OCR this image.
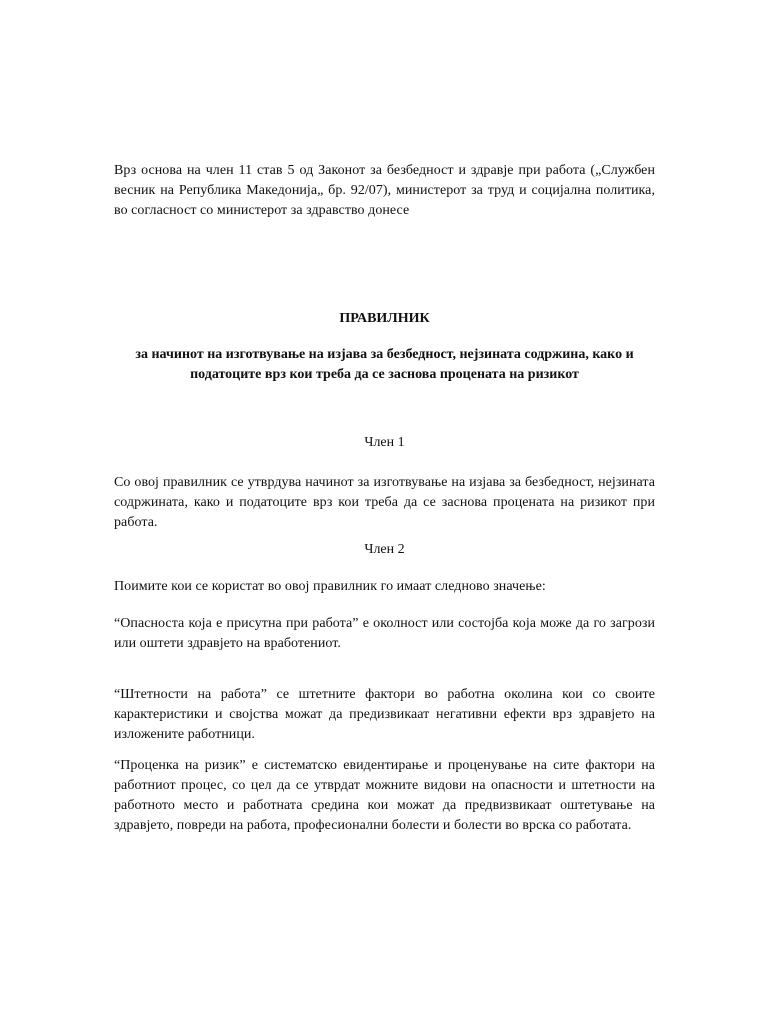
Врз основа на член 11 став 5 од Законот за безбедност и здравје при работа („Службен весник на Република Македонија„ бр. 92/07), министерот за труд и социјална политика, во согласност со министерот за здравство донесе
ПРАВИЛНИК
за начинот на изготвување на изјава за безбедност, нејзината содржина, како и податоците врз кои треба да се заснова процената на ризикот
Член 1
Со овој правилник се утврдува начинот за изготвување на изјава за безбедност, нејзината содржината, како и податоците врз кои треба да се заснова процената на ризикот при работа.
Член 2
Поимите кои се користат во овој правилник го имаат следново значење:
“Опасноста која е присутна при работа” е околност или состојба која може да го загрози или оштети здравјето на вработениот.
“Штетности на работа” се штетните фактори во работна околина кои со своите карактеристики и својства можат да предизвикаат негативни ефекти врз здравјето на изложените работници.
“Проценка на ризик” е систематско евидентирање и проценување на сите фактори на работниот процес, со цел да се утврдат можните видови на опасности и штетности на работното место и работната средина кои можат да предвизвикаат оштетување на здравјето, повреди на работа, професионални болести и болести во врска со работата.
